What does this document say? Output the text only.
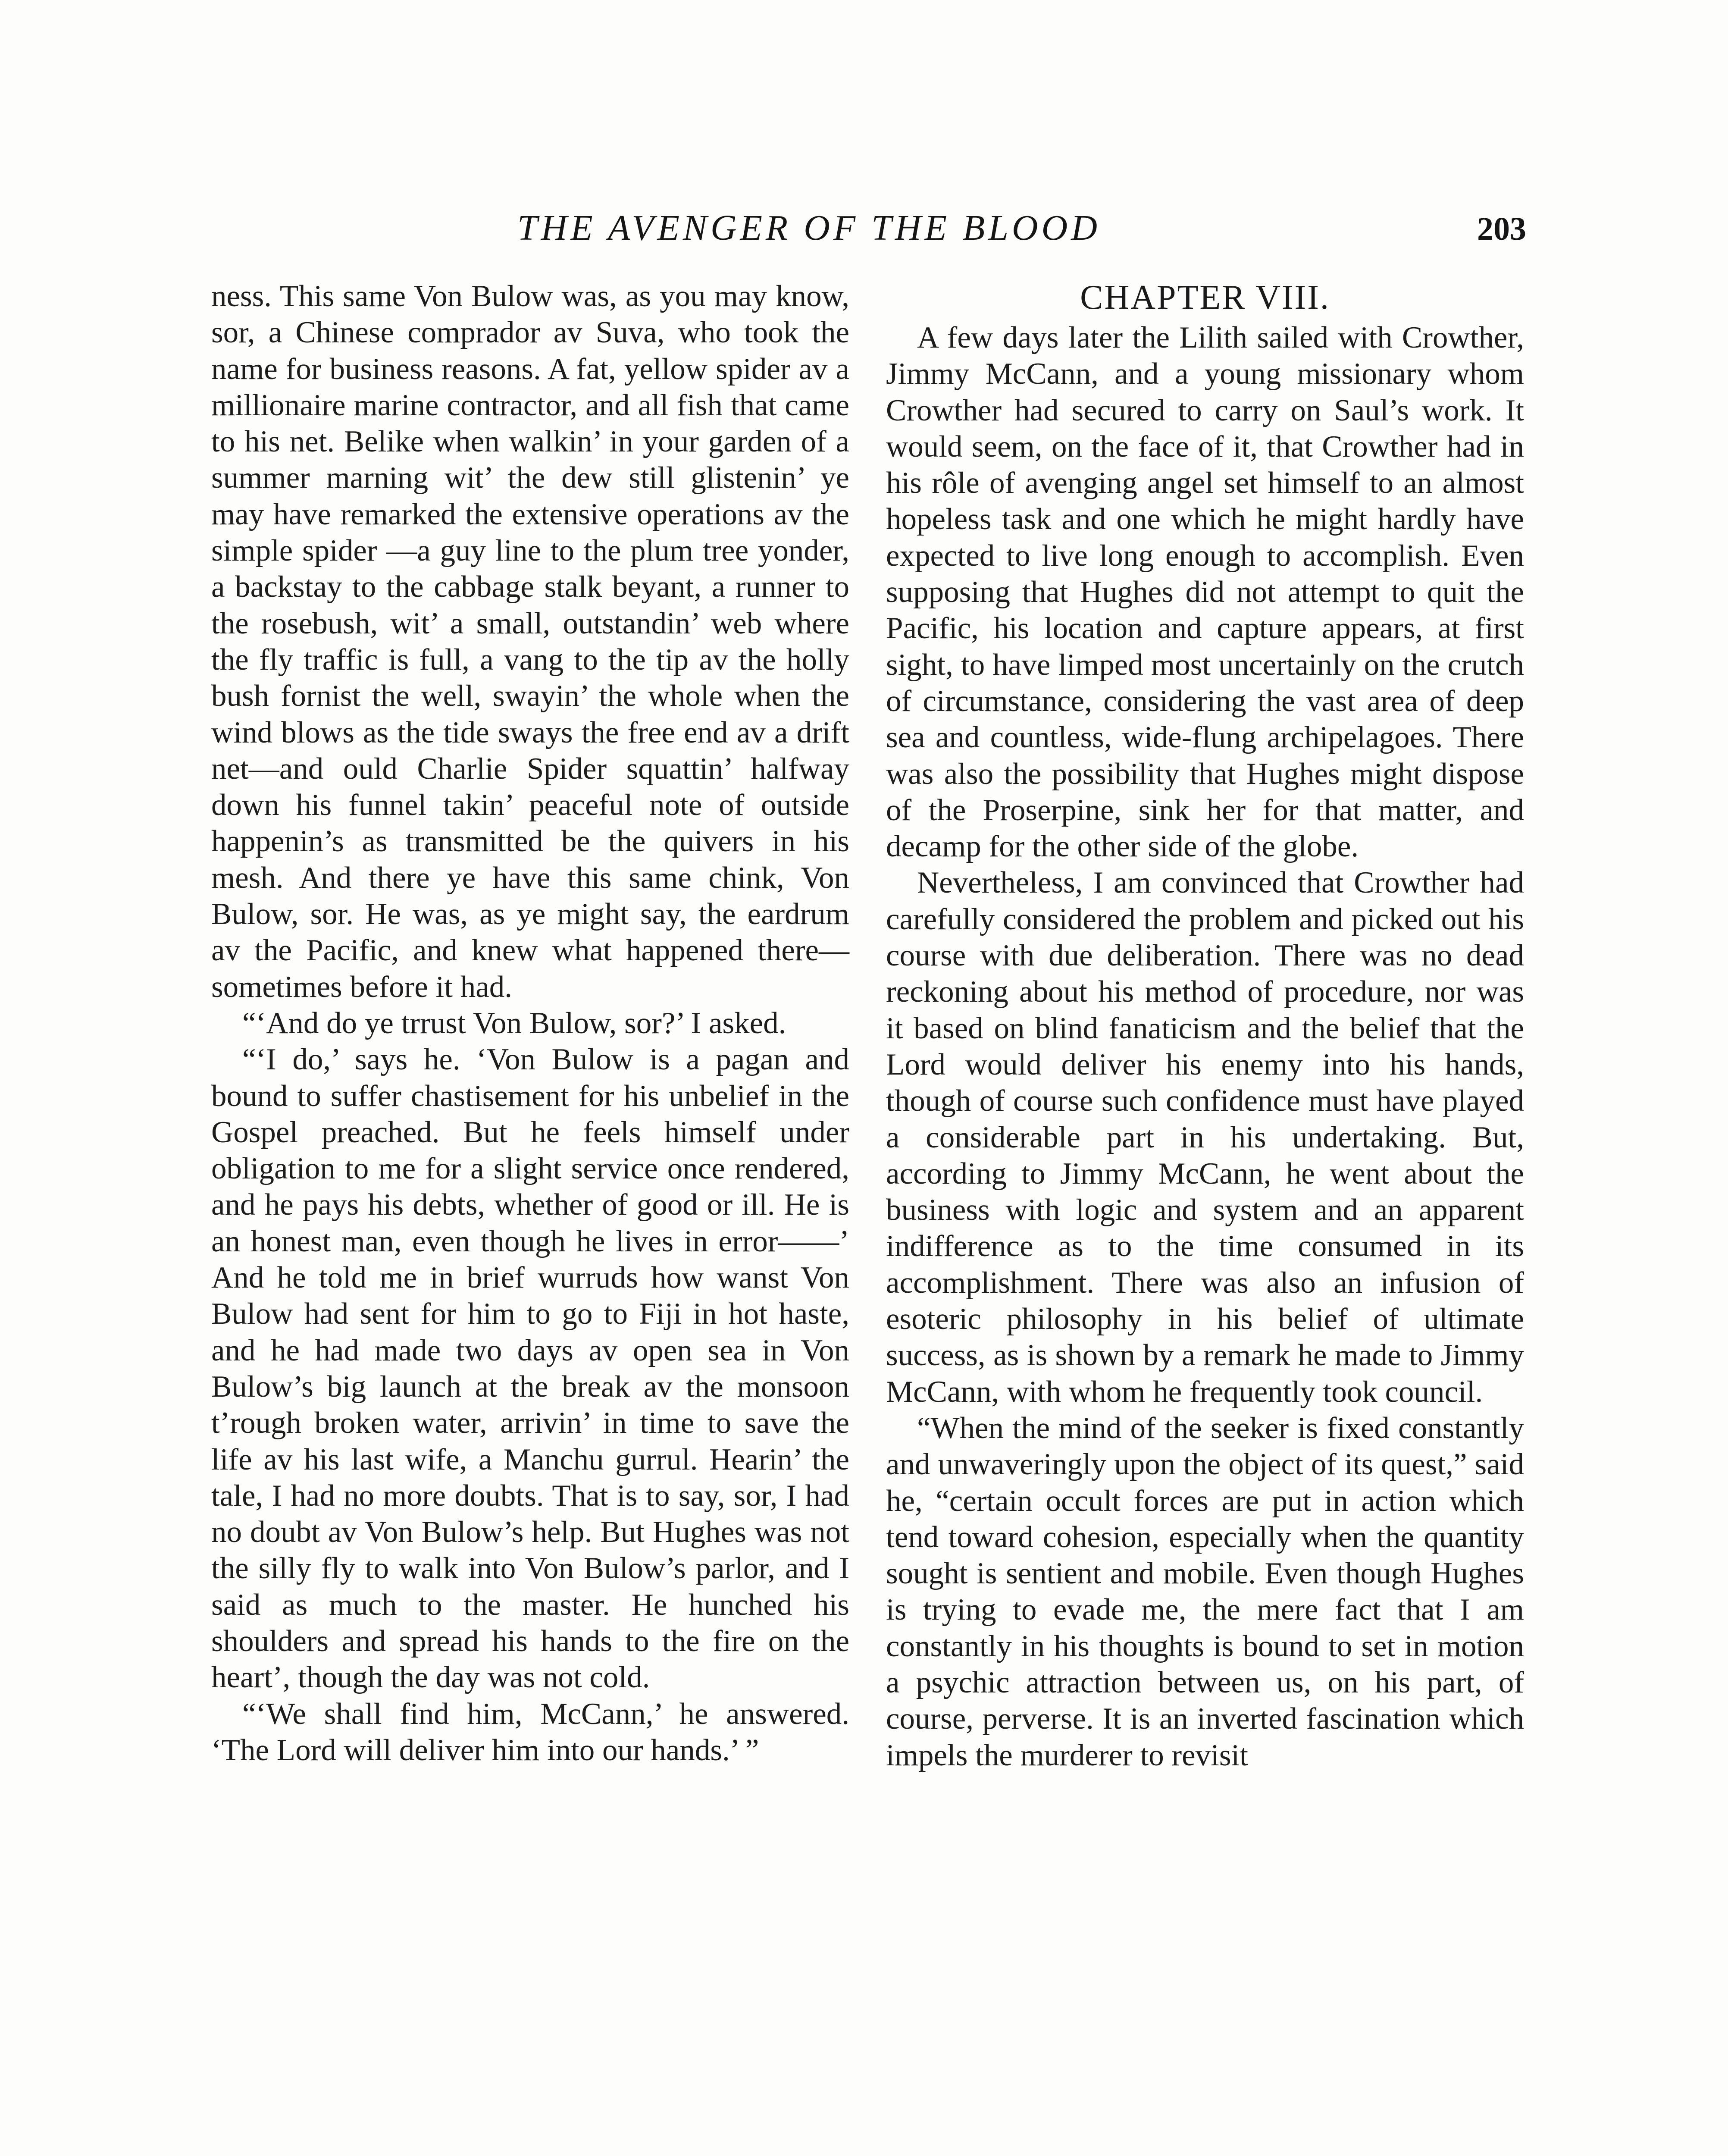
THE AVENGER OF THE BLOOD	203

ness. This same Von Bulow was, as you may know, sor, a Chinese comprador av Suva, who took the name for business reasons. A fat, yellow spider av a millionaire marine contractor, and all fish that came to his net. Belike when walkin’ in your garden of a summer marning wit’ the dew still glistenin’ ye may have remarked the extensive operations av the simple spider —a guy line to the plum tree yonder, a backstay to the cabbage stalk beyant, a runner to the rosebush, wit’ a small, outstandin’ web where the fly traffic is full, a vang to the tip av the holly bush fornist the well, swayin’ the whole when the wind blows as the tide sways the free end av a drift net—and ould Charlie Spider squattin’ halfway down his funnel takin’ peaceful note of outside happenin’s as transmitted be the quivers in his mesh. And there ye have this same chink, Von Bulow, sor. He was, as ye might say, the eardrum av the Pacific, and knew what happened there—sometimes before it had.

“‘And do ye trrust Von Bulow, sor?’ I asked.

“‘I do,’ says he. ‘Von Bulow is a pagan and bound to suffer chastisement for his unbelief in the Gospel preached. But he feels himself under obligation to me for a slight service once rendered, and he pays his debts, whether of good or ill. He is an honest man, even though he lives in error——’ And he told me in brief wurruds how wanst Von Bulow had sent for him to go to Fiji in hot haste, and he had made two days av open sea in Von Bulow’s big launch at the break av the monsoon t’rough broken water, arrivin’ in time to save the life av his last wife, a Manchu gurrul. Hearin’ the tale, I had no more doubts. That is to say, sor, I had no doubt av Von Bulow’s help. But Hughes was not the silly fly to walk into Von Bulow’s parlor, and I said as much to the master. He hunched his shoulders and spread his hands to the fire on the heart’, though the day was not cold.

“‘We shall find him, McCann,’ he answered. ‘The Lord will deliver him into our hands.’ ”

CHAPTER VIII.

A few days later the Lilith sailed with Crowther, Jimmy McCann, and a young missionary whom Crowther had secured to carry on Saul’s work. It would seem, on the face of it, that Crowther had in his rôle of avenging angel set himself to an almost hopeless task and one which he might hardly have expected to live long enough to accomplish. Even supposing that Hughes did not attempt to quit the Pacific, his location and capture appears, at first sight, to have limped most uncertainly on the crutch of circumstance, considering the vast area of deep sea and countless, wide-flung archipelagoes. There was also the possibility that Hughes might dispose of the Proserpine, sink her for that matter, and decamp for the other side of the globe.

Nevertheless, I am convinced that Crowther had carefully considered the problem and picked out his course with due deliberation. There was no dead reckoning about his method of procedure, nor was it based on blind fanaticism and the belief that the Lord would deliver his enemy into his hands, though of course such confidence must have played a considerable part in his undertaking. But, according to Jimmy McCann, he went about the business with logic and system and an apparent indifference as to the time consumed in its accomplishment. There was also an infusion of esoteric philosophy in his belief of ultimate success, as is shown by a remark he made to Jimmy McCann, with whom he frequently took council.

“When the mind of the seeker is fixed constantly and unwaveringly upon the object of its quest,” said he, “certain occult forces are put in action which tend toward cohesion, especially when the quantity sought is sentient and mobile. Even though Hughes is trying to evade me, the mere fact that I am constantly in his thoughts is bound to set in motion a psychic attraction between us, on his part, of course, perverse. It is an inverted fascination which impels the murderer to revisit
